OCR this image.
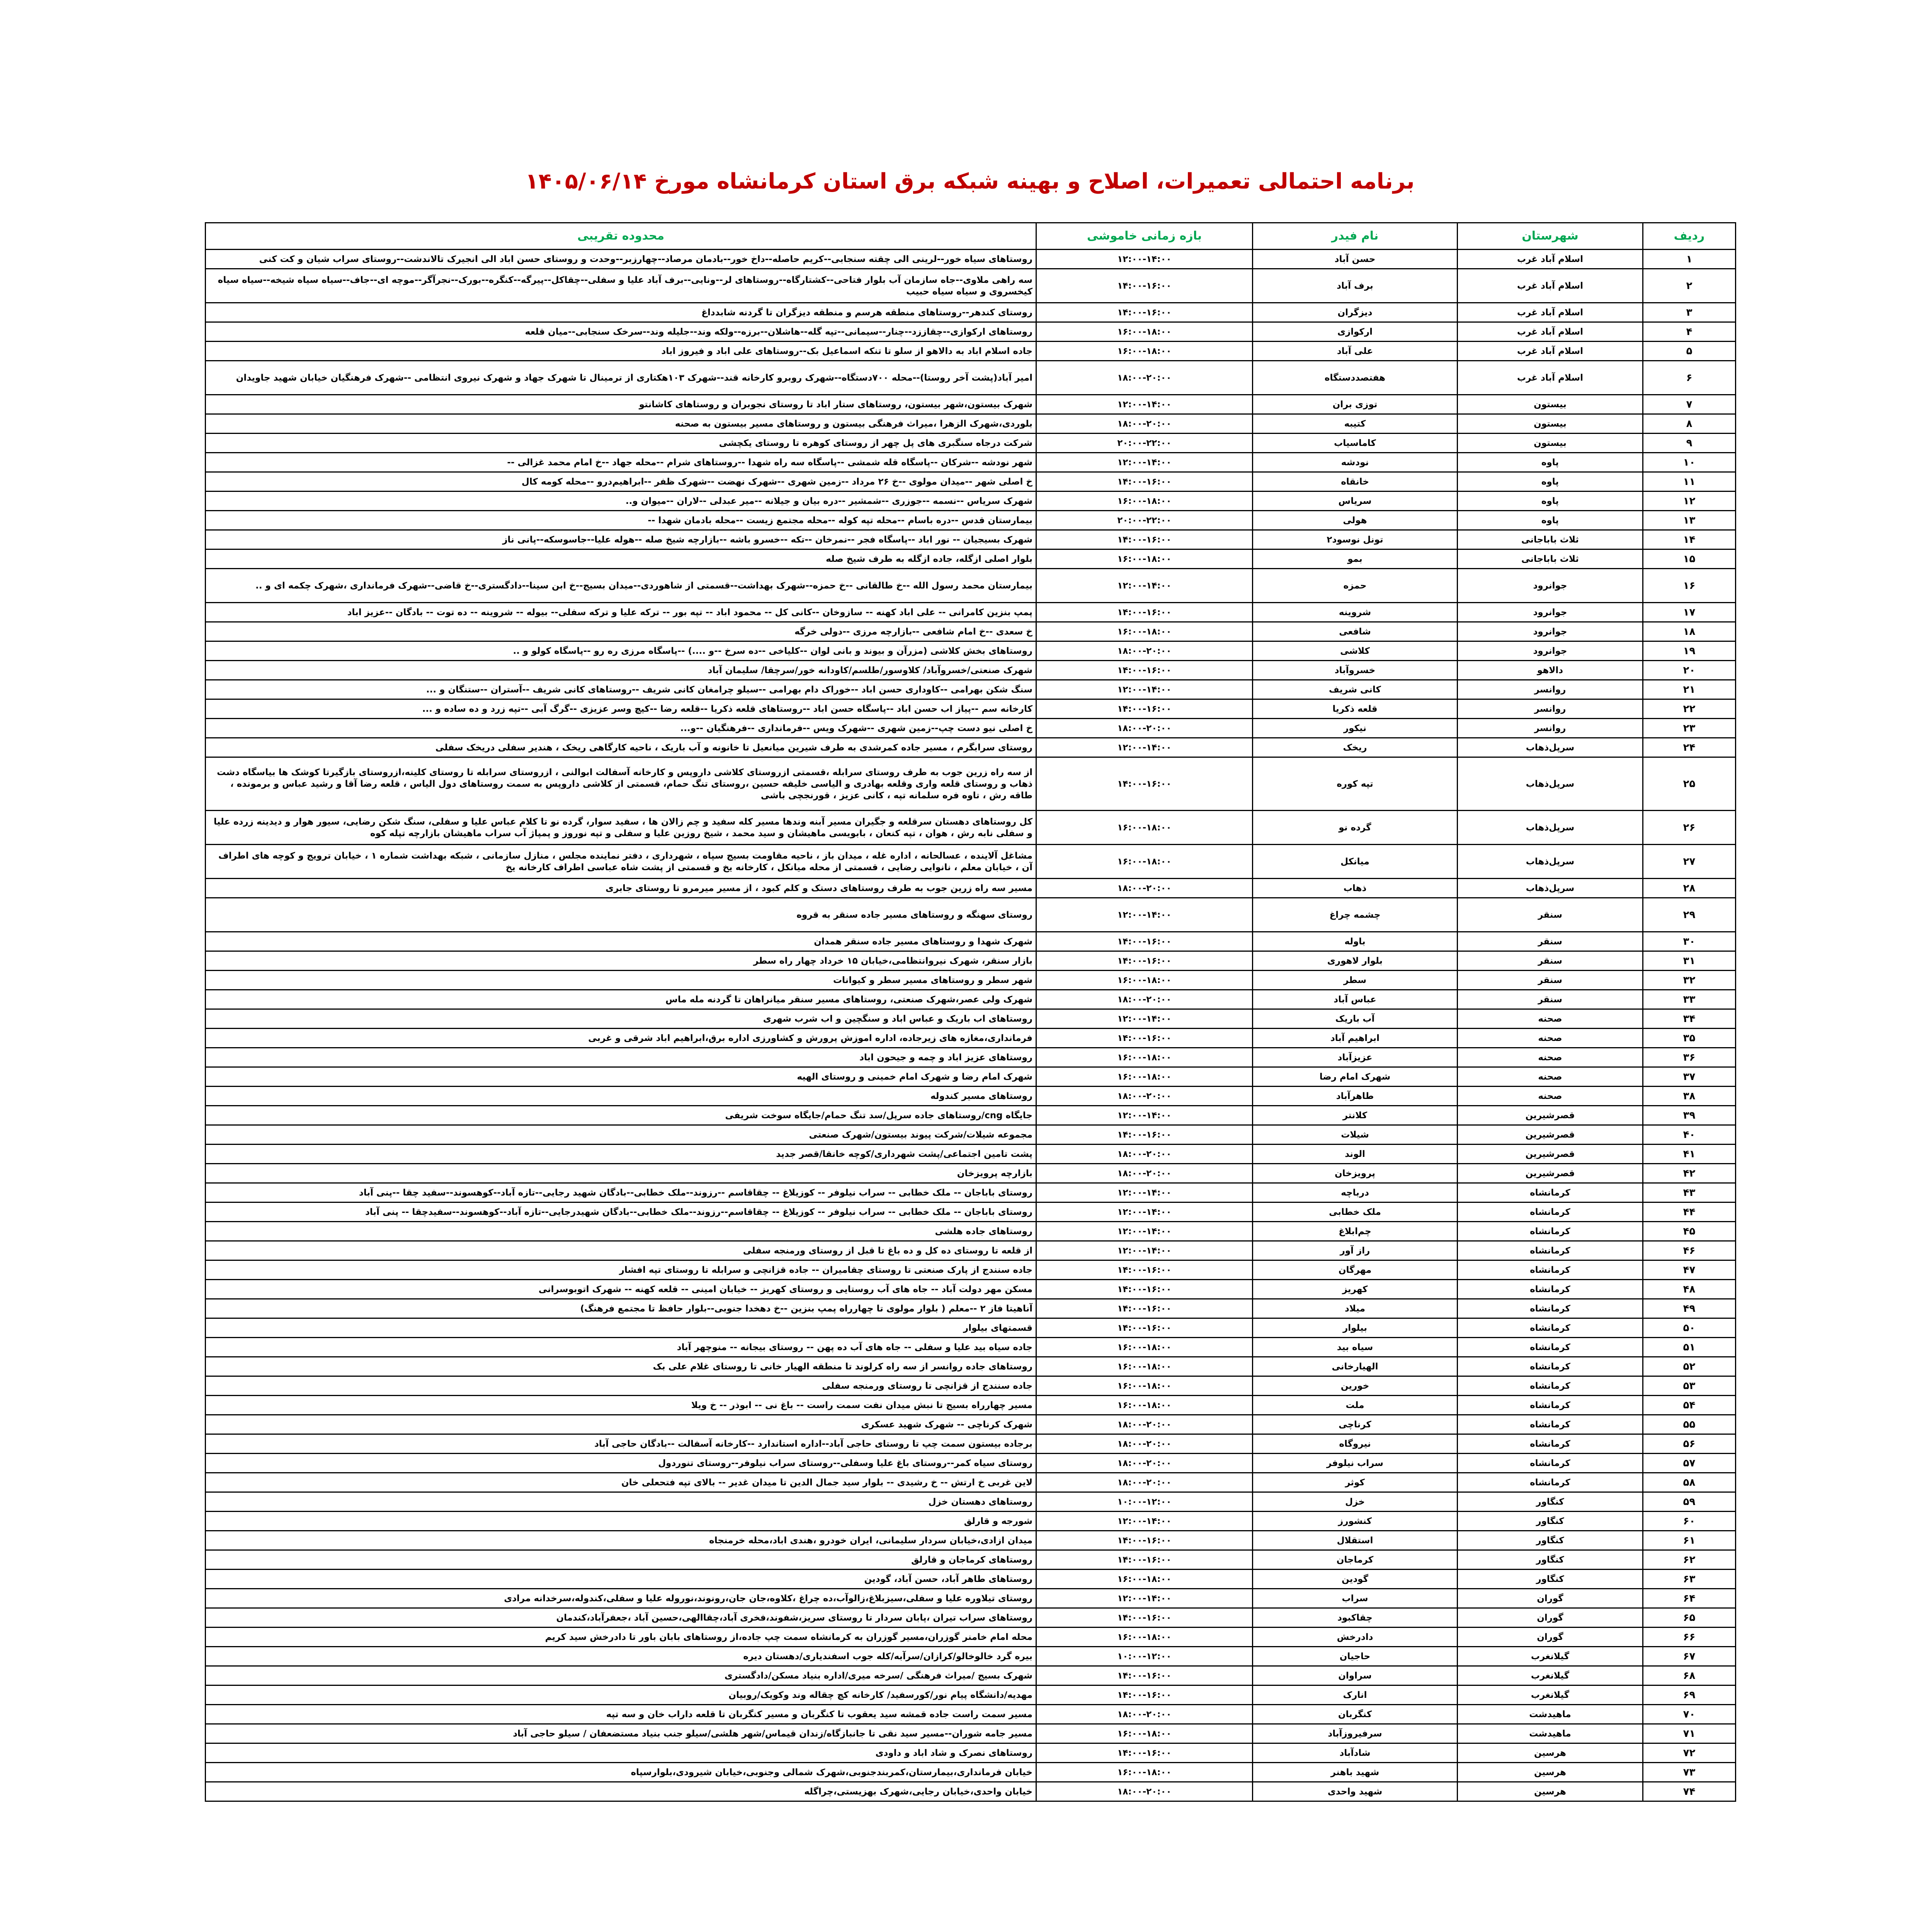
برنامه احتمالی تعمیرات، اصلاح و بهینه شبکه برق استان کرمانشاه مورخ ۱۴۰۵/۰۶/۱۴
ردیف	شهرستان	نام فیدر	بازه زمانی خاموشی	محدوده تقریبی
۱	اسلام آباد غرب	حسن آباد	۱۲:۰۰-۱۴:۰۰	روستاهای سیاه خور--لرینی الی چقته سنجابی--کریم حاصله--داخ خور--بادمان مرصاد--چهارزبر--وحدت و روستای حسن اباد الی انجیرک تالاندشت--روستای سراب شیان و کت کنی
۲	اسلام آباد غرب	برف آباد	۱۴:۰۰-۱۶:۰۰	سه راهی ملاوی--جاه سازمان آب بلوار فتاحی--کشتارگاه--روستاهای لر--ونایی--برف آباد علیا و سفلی--چقاکل--پیرگه--کنگره--بورک--نجرآگر--موچه ای--جاف--سیاه سیاه شیخه--سیاه سیاه کیخسروی و سیاه سیاه حبیب
۳	اسلام آباد غرب	دیزگران	۱۴:۰۰-۱۶:۰۰	روستای کندهر--روستاهای منطقه هرسم و منطقه دیزگران تا گردنه شابدداغ
۴	اسلام آباد غرب	ارکوازی	۱۶:۰۰-۱۸:۰۰	روستاهای ارکوازی--چقاززد--چنار--سیمانی--تپه گله--هاشلان--برزه--ولکه وند--جلیله وند--سرخک سنجابی--میان قلعه
۵	اسلام آباد غرب	علی آباد	۱۶:۰۰-۱۸:۰۰	جاده اسلام اباد به دالاهو از سلو تا تنکه اسماعیل بک--روستاهای علی اباد و فیروز اباد
۶	اسلام آباد غرب	هفتصددستگاه	۱۸:۰۰-۲۰:۰۰	امیر آباد(پشت آخر روستا)--محله ۷۰۰دستگاه--شهرک روبرو کارخانه قند--شهرک ۱۰۳هکتاری از ترمینال تا شهرک جهاد و شهرک نیروی انتظامی --شهرک فرهنگیان خیابان شهید جاویدان
۷	بیستون	توزی بران	۱۲:۰۰-۱۴:۰۰	شهرک بیستون،شهر بیستون، روستاهای ستار اباد تا روستای نجوبران و روستاهای کاشانتو
۸	بیستون	کتیبه	۱۸:۰۰-۲۰:۰۰	بلوردی،شهرک الزهرا ،میراث فرهنگی بیستون و روستاهای مسیر بیستون به صحنه
۹	بیستون	کاماسیاب	۲۰:۰۰-۲۲:۰۰	شرکت درجاه سنگبری های پل چهر از روستای کوهره تا روستای یکچشی
۱۰	پاوه	نودشه	۱۲:۰۰-۱۴:۰۰	شهر نودشه --شرکان --پاسگاه قله شمشی --پاسگاه سه راه شهدا --روستاهای شرام --محله جهاد --خ امام محمد غزالی --
۱۱	پاوه	خانقاه	۱۴:۰۰-۱۶:۰۰	خ اصلی شهر --میدان مولوی --خ ۲۶ مرداد --زمین شهری --شهرک نهضت --شهرک ظفر --ابراهیم‌درو --محله کومه کال
۱۲	پاوه	سریاس	۱۶:۰۰-۱۸:۰۰	شهرک سریاس --نسمه --جوزری --شمشیر --دره بیان و جیلانه --میر عبدلی --لاران --میوان و..
۱۳	پاوه	هولی	۲۰:۰۰-۲۲:۰۰	بیمارستان قدس --دره باسام --محله تپه کوله --محله مجتمع زیست --محله بادمان شهدا --
۱۴	ثلاث باباجانی	تونل نوسود۲	۱۴:۰۰-۱۶:۰۰	شهرک بسیجیان -- نور اباد --پاسگاه فجر --نمرخان --تکه --خسرو باشه --بازارچه شیخ صله --هوله علیا--جاسوسکه--پانی ناز
۱۵	ثلاث باباجانی	بمو	۱۶:۰۰-۱۸:۰۰	بلوار اصلی ازگله، جاده ازگله به طرف شیخ صله
۱۶	جوانرود	حمزه	۱۲:۰۰-۱۴:۰۰	بیمارستان محمد رسول الله --خ طالقانی --خ حمزه--شهرک بهداشت--قسمتی از شاهوردی--میدان بسیج--خ ابن سینا--دادگستری--خ قاضی--شهرک فرمانداری ،شهرک چکمه ای و ..
۱۷	جوانرود	شروینه	۱۴:۰۰-۱۶:۰۰	پمپ بنزین کامرانی -- علی اباد کهنه -- سازوخان --کانی کل -- محمود اباد -- تپه بور -- ترکه علیا و ترکه سفلی-- بیوله -- شروینه -- ده توت -- بادگان --عزیز اباد
۱۸	جوانرود	شافعی	۱۶:۰۰-۱۸:۰۰	خ سعدی --خ امام شافعی --بازارچه مرزی --دولی خرگه
۱۹	جوانرود	کلاشی	۱۸:۰۰-۲۰:۰۰	روستاهای بخش کلاشی (مزرآن و بیوند و بانی لوان --کلیاخی --ده سرخ --و ....) --پاسگاه مرزی ره رو --پاسگاه کولو و ..
۲۰	دالاهو	خسروآباد	۱۴:۰۰-۱۶:۰۰	شهرک صنعتی/خسروآباد/ کلاوسور/طلسم/کاودانه خور/سرچقا/ سلیمان آباد
۲۱	روانسر	کانی شریف	۱۲:۰۰-۱۴:۰۰	سنگ شکن بهرامی --کاوداری حسن اباد --خوراک دام بهرامی --سیلو چرامغان کانی شریف --روستاهای کانی شریف --آستران --ستنگان و ...
۲۲	روانسر	قلعه ذکریا	۱۴:۰۰-۱۶:۰۰	کارخانه سم --پیاز اب حسن اباد --پاسگاه حسن اباد --روستاهای قلعه ذکریا --قلعه رضا --کیچ وسر عزیزی --گرگ آبی --تپه زرد و ده ساده و ...
۲۳	روانسر	نیکور	۱۸:۰۰-۲۰:۰۰	خ اصلی نیو دست چپ--زمین شهری --شهرک ویس --فرمانداری --فرهنگیان --و...
۲۴	سرپل‌ذهاب	ریخک	۱۲:۰۰-۱۴:۰۰	روستای سرابگرم ، مسیر جاده کمرشدی به طرف شیرین میانعیل تا خانونه و آب باریک ، ناحیه کارگاهی ریخک ، هندیر سفلی دریخک سفلی
۲۵	سرپل‌ذهاب	تپه کوره	۱۴:۰۰-۱۶:۰۰	از سه راه زرین جوب به طرف روستای سرابله ،قسمتی ازروستای کلاشی داروپس و کارخانه آسفالت ابوالنی ، ازروستای سرابله تا روستای کلینه،ازروستای بازگیرتا کوشک ها بیاسگاه دشت ذهاب و روستای قلعه واری وقلعه بهادری و الیاسی خلیفه حسین ،روستای تنگ حمام، قسمتی از کلاشی داروپس به سمت روستاهای دول الیاس ، قلعه رضا آقا و رشید عباس و برمونده ، طاقه رش ، تاوه فره سلمانه تپه ، کانی عزیز ، قورنجچی باشی
۲۶	سرپل‌ذهاب	گرده نو	۱۶:۰۰-۱۸:۰۰	کل روستاهای دهستان سرقلعه و جگیران مسیر آبنه وندها مسیر کله سفید و چم زالان ها ، سفید سوار، گرده نو تا کلام عباس علیا و سفلی، سنگ شکن رضایی، سیور هوار و دیدینه زرده علیا و سفلی نابه رش ، هوان ، تپه کنعان ، بابویسی ماهیشان و سید محمد ، شیخ روزین علیا و سفلی و تپه نوروز و پمپاژ آب سراب ماهیشان بازارچه تپله کوه
۲۷	سرپل‌ذهاب	میانکل	۱۶:۰۰-۱۸:۰۰	مشاغل آلاینده ، عسالحانه ، اداره غله ، میدان باز ، ناحیه مقاومت بسیج سپاه ، شهرداری ، دفتر نماینده مجلس ، منازل سازمانی ، شبکه بهداشت شماره ۱ ، خیابان ترویج و کوچه های اطراف آن ، خیابان معلم ، نانوایی رضایی ، قسمتی از محله میانکل ، کارخانه یخ و قسمتی از پشت شاه عباسی اطراف کارخانه یخ
۲۸	سرپل‌ذهاب	ذهاب	۱۸:۰۰-۲۰:۰۰	مسیر سه راه زرین جوب به طرف روستاهای دستک و کلم کبود ، از مسیر میرمرو تا روستای جابری
۲۹	سنقر	چشمه چراغ	۱۲:۰۰-۱۴:۰۰	روستای سهنگه و روستاهای مسیر جاده سنقر به قروه
۳۰	سنقر	باوله	۱۴:۰۰-۱۶:۰۰	شهرک شهدا و روستاهای مسیر جاده سنقر همدان
۳۱	سنقر	بلوار لاهوری	۱۴:۰۰-۱۶:۰۰	بازار سنقر، شهرک نیروانتظامی،خیابان ۱۵ خرداد چهار راه سطر
۳۲	سنقر	سطر	۱۶:۰۰-۱۸:۰۰	شهر سطر و روستاهای مسیر سطر و کیوانات
۳۳	سنقر	عباس آباد	۱۸:۰۰-۲۰:۰۰	شهرک ولی عصر،شهرک صنعتی، روستاهای مسیر سنقر میانراهان تا گردنه مله ماس
۳۴	صحنه	آب باریک	۱۲:۰۰-۱۴:۰۰	روستاهای اب باریک و عباس اباد و سنگچین و اب شرب شهری
۳۵	صحنه	ابراهیم آباد	۱۴:۰۰-۱۶:۰۰	فرمانداری،مغازه های زیرجاده، اداره اموزش پرورش و کشاورزی اداره برق،ابراهیم اباد شرقی و غربی
۳۶	صحنه	عزیزآباد	۱۶:۰۰-۱۸:۰۰	روستاهای عزیز اباد و چمه و جیحون اباد
۳۷	صحنه	شهرک امام رضا	۱۶:۰۰-۱۸:۰۰	شهرک امام رضا و شهرک امام خمینی و روستای الهیه
۳۸	صحنه	طاهرآباد	۱۸:۰۰-۲۰:۰۰	روستاهای مسیر کندوله
۳۹	قصرشیرین	کلانتر	۱۲:۰۰-۱۴:۰۰	جایگاه cng/روستاهای جاده سرپل/سد تنگ حمام/جایگاه سوخت شریفی
۴۰	قصرشیرین	شیلات	۱۴:۰۰-۱۶:۰۰	مجموعه شیلات/شرکت پیوند بیستون/شهرک صنعتی
۴۱	قصرشیرین	الوند	۱۸:۰۰-۲۰:۰۰	پشت تامین اجتماعی/پشت شهرداری/کوچه خانقا/قصر جدید
۴۲	قصرشیرین	پرویزخان	۱۸:۰۰-۲۰:۰۰	بازارچه پرویزخان
۴۳	کرمانشاه	درباچه	۱۲:۰۰-۱۴:۰۰	روستای باباجان -- ملک خطابی -- سراب نیلوفر -- کوزیلاغ -- چقاقاسم --رزوند--ملک خطابی--بادگان شهید رجایی--تازه آباد--کوهسوند--سفید چقا --پنی آباد
۴۴	کرمانشاه	ملک خطابی	۱۲:۰۰-۱۴:۰۰	روستای باباجان -- ملک خطابی -- سراب نیلوفر -- کوزیلاغ -- چقاقاسم--رزوند--ملک خطابی--بادگان شهیدرجایی--تازه آباد--کوهسوند--سفیدچقا -- پنی آباد
۴۵	کرمانشاه	چم‌ابلاغ	۱۲:۰۰-۱۴:۰۰	روستاهای جاده هلشی
۴۶	کرمانشاه	راز آور	۱۲:۰۰-۱۴:۰۰	از قلعه تا روستای ده کل و ده باغ تا قبل از روستای ورمنجه سفلی
۴۷	کرمانشاه	مهرگان	۱۴:۰۰-۱۶:۰۰	جاده سنندج از پارک صنعتی تا روستای چقامیران -- جاده قزانچی و سرابله تا روستای تپه افشار
۴۸	کرمانشاه	کهریز	۱۴:۰۰-۱۶:۰۰	مسکن مهر دولت آباد -- جاه های آب روستایی و روستای کهریز -- خیابان امینی -- قلعه کهنه -- شهرک اتوبوسرانی
۴۹	کرمانشاه	میلاد	۱۴:۰۰-۱۶:۰۰	آناهیتا فاز ۲ --معلم ( بلوار مولوی تا چهارراه پمپ بنزین --خ دهخدا جنوبی--بلوار حافظ تا مجتمع فرهنگ)
۵۰	کرمانشاه	بیلوار	۱۴:۰۰-۱۶:۰۰	قسمتهای بیلوار
۵۱	کرمانشاه	سیاه بید	۱۶:۰۰-۱۸:۰۰	جاده سیاه بید علیا و سفلی -- جاه های آب ده پهن -- روستای بیجانه -- منوچهر آباد
۵۲	کرمانشاه	الهیارخانی	۱۶:۰۰-۱۸:۰۰	روستاهای جاده روانسر از سه راه کرلوند تا منطقه الهیار خانی تا روستای غلام علی بک
۵۳	کرمانشاه	خورین	۱۶:۰۰-۱۸:۰۰	جاده سنندج از قزانچی تا روستای ورمنجه سفلی
۵۴	کرمانشاه	ملت	۱۶:۰۰-۱۸:۰۰	مسیر چهارراه بسیج تا نبش میدان نفت سمت راست -- باغ نی -- ابوذر -- خ ویلا
۵۵	کرمانشاه	کرناچی	۱۸:۰۰-۲۰:۰۰	شهرک کرناچی -- شهرک شهید عسکری
۵۶	کرمانشاه	نیروگاه	۱۸:۰۰-۲۰:۰۰	برجاده بیستون سمت چپ تا روستای حاجی آباد--اداره استاندارد --کارخانه آسفالت --بادگان حاجی آباد
۵۷	کرمانشاه	سراب نیلوفر	۱۸:۰۰-۲۰:۰۰	روستای سیاه کمر--روستای باغ علیا وسفلی--روستای سراب نیلوفر--روستای تنوردول
۵۸	کرمانشاه	کوثر	۱۸:۰۰-۲۰:۰۰	لاین غربی خ ارتش -- خ رشیدی -- بلوار سید جمال الدین تا میدان غدیر -- بالای تپه فتحعلی خان
۵۹	کنگاور	خزل	۱۰:۰۰-۱۲:۰۰	روستاهای دهستان خزل
۶۰	کنگاور	کنشورز	۱۲:۰۰-۱۴:۰۰	شورجه و قارلق
۶۱	کنگاور	استقلال	۱۴:۰۰-۱۶:۰۰	میدان ازادی،خیابان سردار سلیمانی، ایران خودرو ،هندی اباد،محله خرمنجاه
۶۲	کنگاور	کرماجان	۱۴:۰۰-۱۶:۰۰	روستاهای کرماجان و قارلق
۶۳	کنگاور	گودین	۱۶:۰۰-۱۸:۰۰	روستاهای طاهر آباد، حسن آباد، گودین
۶۴	گوران	سراب	۱۲:۰۰-۱۴:۰۰	روستای تیلاوره علیا و سفلی،سیزبلاغ،زالوآب،ده چراغ ،کلاوه،جان جان،رونوند،نوروله علیا و سفلی،کندوله،سرخدانه مرادی
۶۵	گوران	چقاکبود	۱۴:۰۰-۱۶:۰۰	روستاهای سراب تیران ،پابان سردار تا روستای سریز،شفوند،فخری آباد،چقاالهی،حسین آباد ،جعفرآباد،کندمان
۶۶	گوران	دادرخش	۱۶:۰۰-۱۸:۰۰	محله امام خامنر گوزران،مسیر گوزران به کرمانشاه سمت چپ جاده،از روستاهای بابان باور تا دادرخش سید کریم
۶۷	گیلانغرب	حاجیان	۱۰:۰۰-۱۲:۰۰	بیره گرد خالوخالو/کرازان/سرآبه/کله جوب اسفندیاری/دهستان دیره
۶۸	گیلانغرب	سراوان	۱۴:۰۰-۱۶:۰۰	شهرک بسیج /میراث فرهنگی /سرخه میری/اداره بنیاد مسکن/دادگستری
۶۹	گیلانغرب	انارک	۱۴:۰۰-۱۶:۰۰	مهدیه/دانشگاه پیام نور/کورسفید/ کارخانه کچ چقاله وند وکویک/روبیان
۷۰	ماهیدشت	کنگربان	۱۸:۰۰-۲۰:۰۰	مسیر سمت راست جاده قمشه سید یعقوب تا کنگربان و مسیر کنگربان تا قلعه داراب خان و سه تپه
۷۱	ماهیدشت	سرفیروزآباد	۱۶:۰۰-۱۸:۰۰	مسیر جامه شوران--مسیر سید نقی تا جانبازگاه/زندان قیماس/شهر هلشی/سیلو جنب بنیاد مستضعفان / سیلو حاجی آباد
۷۲	هرسین	شادآباد	۱۴:۰۰-۱۶:۰۰	روستاهای نصرک و شاد اباد و داودی
۷۳	هرسین	شهید باهنر	۱۶:۰۰-۱۸:۰۰	خیابان فرمانداری،بیمارستان،کمربندجنوبی،شهرک شمالی وجنوبی،خیابان شیرودی،بلوارسپاه
۷۴	هرسین	شهید واحدی	۱۸:۰۰-۲۰:۰۰	خیابان واحدی،خیابان رجایی،شهرک بهزیستی،چراگله
